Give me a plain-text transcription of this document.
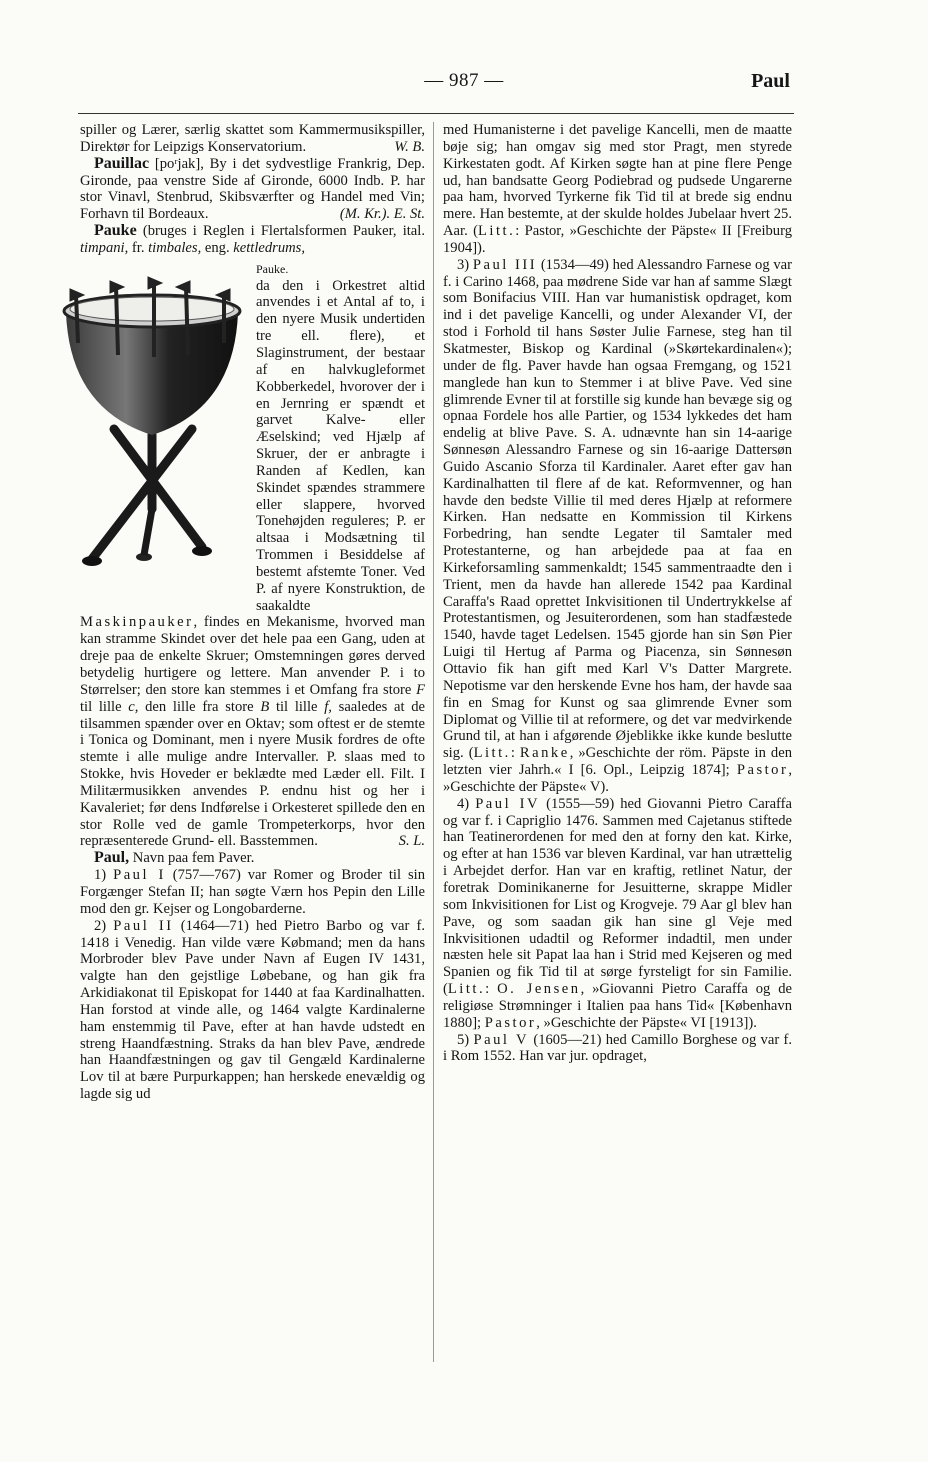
— 987 —	Paul

spiller og Lærer, særlig skattet som Kammermusikspiller, Direktør for Leipzigs Konservatorium.	W. B.

Pauillac [poʳjak], By i det sydvestlige Frankrig, Dep. Gironde, paa venstre Side af Gironde, 6000 Indb. P. har stor Vinavl, Stenbrud, Skibsværfter og Handel med Vin; Forhavn til Bordeaux.	(M. Kr.). E. St.

Pauke (bruges i Reglen i Flertalsformen Pauker, ital. timpani, fr. timbales, eng. kettledrums,

Pauke.
da den i Orkestret altid anvendes i et Antal af to, i den nyere Musik undertiden tre ell. flere), et Slaginstrument, der bestaar af en halvkugleformet Kobberkedel, hvorover der i en Jernring er spændt et garvet Kalve- eller Æselskind; ved Hjælp af Skruer, der er anbragte i Randen af Kedlen, kan Skindet spændes strammere eller slappere, hvorved Tonehøjden reguleres; P. er altsaa i Modsætning til Trommen i Besiddelse af bestemt afstemte Toner. Ved P. af nyere Konstruktion, de saakaldte Maskinpauker, findes en Mekanisme, hvorved man kan stramme Skindet over det hele paa een Gang, uden at dreje paa de enkelte Skruer; Omstemningen gøres derved betydelig hurtigere og lettere. Man anvender P. i to Størrelser; den store kan stemmes i et Omfang fra store F til lille c, den lille fra store B til lille f, saaledes at de tilsammen spænder over en Oktav; som oftest er de stemte i Tonica og Dominant, men i nyere Musik fordres de ofte stemte i alle mulige andre Intervaller. P. slaas med to Stokke, hvis Hoveder er beklædte med Læder ell. Filt. I Militærmusikken anvendes P. endnu hist og her i Kavaleriet; før dens Indførelse i Orkesteret spillede den en stor Rolle ved de gamle Trompeterkorps, hvor den repræsenterede Grund- ell. Basstemmen.	S. L.

Paul, Navn paa fem Paver.

1) Paul I (757—767) var Romer og Broder til sin Forgænger Stefan II; han søgte Værn hos Pepin den Lille mod den gr. Kejser og Longobarderne.

2) Paul II (1464—71) hed Pietro Barbo og var f. 1418 i Venedig. Han vilde være Købmand; men da hans Morbroder blev Pave under Navn af Eugen IV 1431, valgte han den gejstlige Løbebane, og han gik fra Arkidiakonat til Episkopat for 1440 at faa Kardinalhatten. Han forstod at vinde alle, og 1464 valgte Kardinalerne ham enstemmig til Pave, efter at han havde udstedt en streng Haandfæstning. Straks da han blev Pave, ændrede han Haandfæstningen og gav til Gengæld Kardinalerne Lov til at bære Purpurkappen; han herskede enevældig og lagde sig ud

med Humanisterne i det pavelige Kancelli, men de maatte bøje sig; han omgav sig med stor Pragt, men styrede Kirkestaten godt. Af Kirken søgte han at pine flere Penge ud, han bandsatte Georg Podiebrad og pudsede Ungarerne paa ham, hvorved Tyrkerne fik Tid til at brede sig endnu mere. Han bestemte, at der skulde holdes Jubelaar hvert 25. Aar. (Litt.: Pastor, »Geschichte der Päpste« II [Freiburg 1904]).

3) Paul III (1534—49) hed Alessandro Farnese og var f. i Carino 1468, paa mødrene Side var han af samme Slægt som Bonifacius VIII. Han var humanistisk opdraget, kom ind i det pavelige Kancelli, og under Alexander VI, der stod i Forhold til hans Søster Julie Farnese, steg han til Skatmester, Biskop og Kardinal (»Skørtekardinalen«); under de flg. Paver havde han ogsaa Fremgang, og 1521 manglede han kun to Stemmer i at blive Pave. Ved sine glimrende Evner til at forstille sig kunde han bevæge sig og opnaa Fordele hos alle Partier, og 1534 lykkedes det ham endelig at blive Pave. S. A. udnævnte han sin 14-aarige Sønnesøn Alessandro Farnese og sin 16-aarige Dattersøn Guido Ascanio Sforza til Kardinaler. Aaret efter gav han Kardinalhatten til flere af de kat. Reformvenner, og han havde den bedste Villie til med deres Hjælp at reformere Kirken. Han nedsatte en Kommission til Kirkens Forbedring, han sendte Legater til Samtaler med Protestanterne, og han arbejdede paa at faa en Kirkeforsamling sammenkaldt; 1545 sammentraadte den i Trient, men da havde han allerede 1542 paa Kardinal Caraffa's Raad oprettet Inkvisitionen til Undertrykkelse af Protestantismen, og Jesuiterordenen, som han stadfæstede 1540, havde taget Ledelsen. 1545 gjorde han sin Søn Pier Luigi til Hertug af Parma og Piacenza, sin Sønnesøn Ottavio fik han gift med Karl V's Datter Margrete. Nepotisme var den herskende Evne hos ham, der havde saa fin en Smag for Kunst og saa glimrende Evner som Diplomat og Villie til at reformere, og det var medvirkende Grund til, at han i afgørende Øjeblikke ikke kunde beslutte sig. (Litt.: Ranke, »Geschichte der röm. Päpste in den letzten vier Jahrh.« I [6. Opl., Leipzig 1874]; Pastor, »Geschichte der Päpste« V).

4) Paul IV (1555—59) hed Giovanni Pietro Caraffa og var f. i Capriglio 1476. Sammen med Cajetanus stiftede han Teatinerordenen for med den at forny den kat. Kirke, og efter at han 1536 var bleven Kardinal, var han utrættelig i Arbejdet derfor. Han var en kraftig, retlinet Natur, der foretrak Dominikanerne for Jesuitterne, skrappe Midler som Inkvisitionen for List og Krogveje. 79 Aar gl blev han Pave, og som saadan gik han sine gl Veje med Inkvisitionen udadtil og Reformer indadtil, men under næsten hele sit Papat laa han i Strid med Kejseren og med Spanien og fik Tid til at sørge fyrsteligt for sin Familie. (Litt.: O. Jensen, »Giovanni Pietro Caraffa og de religiøse Strømninger i Italien paa hans Tid« [København 1880]; Pastor, »Geschichte der Päpste« VI [1913]).

5) Paul V (1605—21) hed Camillo Borghese og var f. i Rom 1552. Han var jur. opdraget,
